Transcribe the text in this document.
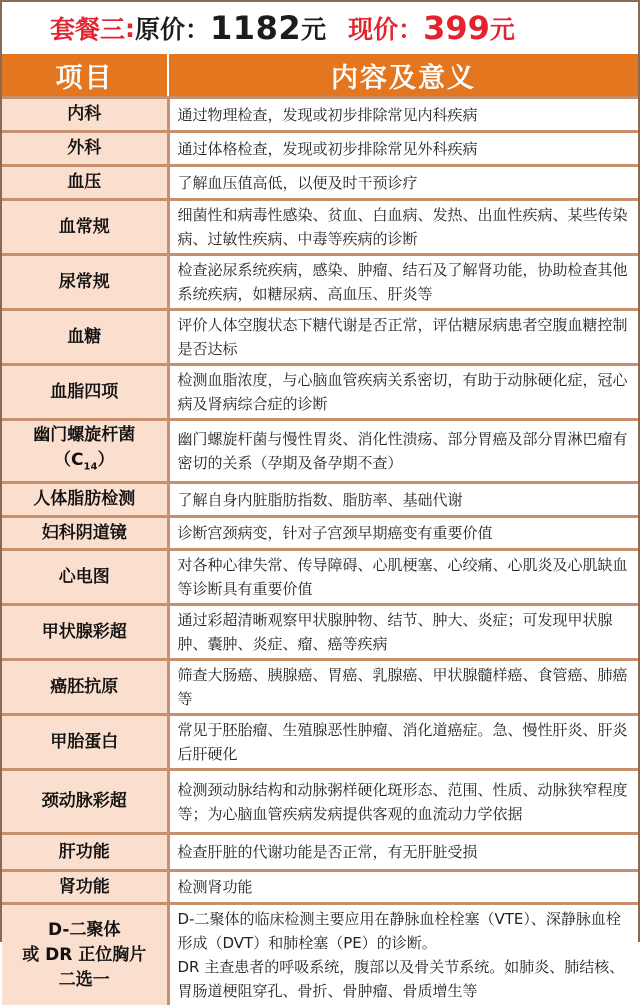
套餐三 : 原价： 1182 元 现价： 399 元
项目	内容及意义
内科	通过物理检查，发现或初步排除常见内科疾病
外科	通过体格检查，发现或初步排除常见外科疾病
血压	了解血压值高低，以便及时干预诊疗
血常规	细菌性和病毒性感染、贫血、白血病、发热、出血性疾病、某些传染病、过敏性疾病、中毒等疾病的诊断
尿常规	检查泌尿系统疾病，感染、肿瘤、结石及了解肾功能，协助检查其他系统疾病，如糖尿病、高血压、肝炎等
血糖	评价人体空腹状态下糖代谢是否正常，评估糖尿病患者空腹血糖控制是否达标
血脂四项	检测血脂浓度，与心脑血管疾病关系密切，有助于动脉硬化症，冠心病及肾病综合症的诊断

幽门螺旋杆菌
$(C_{14})$	幽门螺旋杆菌与慢性胃炎、消化性溃疡、部分胃癌及部分胃淋巴瘤有密切的关系（孕期及备孕期不查）
人体脂肪检测	了解自身内脏脂肪指数、脂肪率、基础代谢
妇科阴道镜	诊断宫颈病变，针对子宫颈早期癌变有重要价值
心电图	对各种心律失常、传导障碍、心肌梗塞、心绞痛、心肌炎及心肌缺血等诊断具有重要价值
甲状腺彩超	通过彩超清晰观察甲状腺肿物、结节、肿大、炎症；可发现甲状腺肿、囊肿、炎症、瘤、癌等疾病
癌胚抗原	筛查大肠癌、胰腺癌、胃癌、乳腺癌、甲状腺髓样癌、食管癌、肺癌等
甲胎蛋白	常见于胚胎瘤、生殖腺恶性肿瘤、消化道癌症。急、慢性肝炎、肝炎后肝硬化
颈动脉彩超	检测颈动脉结构和动脉粥样硬化斑形态、范围、性质、动脉狭窄程度等；为心脑血管疾病发病提供客观的血流动力学依据
肝功能	检查肝脏的代谢功能是否正常，有无肝脏受损
肾功能	检测肾功能

D-二聚体
或 DR 正位胸片
二选一	D-二聚体的临床检测主要应用在静脉血栓栓塞（VTE）、深静脉血栓形成（DVT）和肺栓塞（PE）的诊断。
DR 主查患者的呼吸系统，腹部以及骨关节系统。如肺炎、肺结核、胃肠道梗阻穿孔、骨折、骨肿瘤、骨质增生等
